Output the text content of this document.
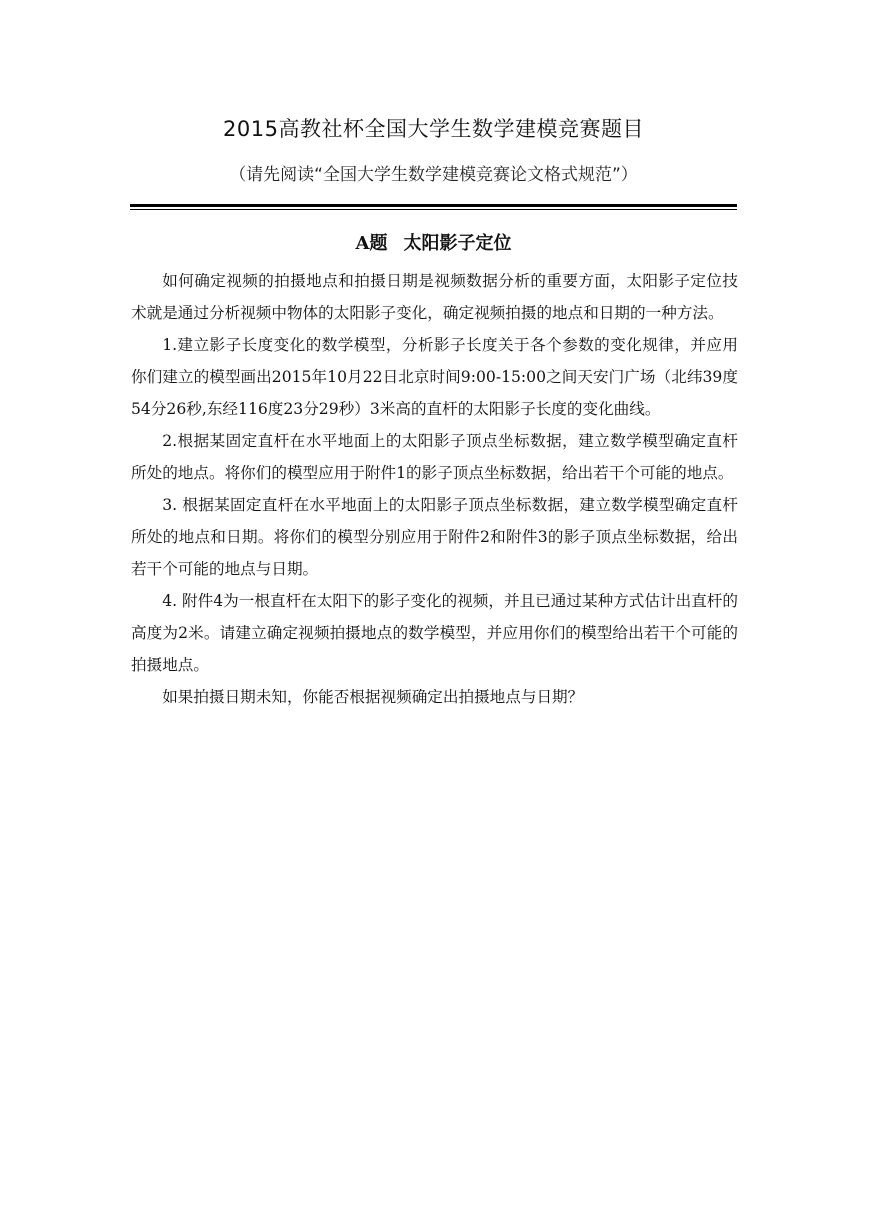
2015高教社杯全国大学生数学建模竞赛题目
（请先阅读“全国大学生数学建模竞赛论文格式规范”）
A题 太阳影子定位

如何确定视频的拍摄地点和拍摄日期是视频数据分析的重要方面，太阳影子定位技术就是通过分析视频中物体的太阳影子变化，确定视频拍摄的地点和日期的一种方法。

1.建立影子长度变化的数学模型，分析影子长度关于各个参数的变化规律，并应用你们建立的模型画出2015年10月22日北京时间9:00-15:00之间天安门广场（北纬39度54分26秒,东经116度23分29秒）3米高的直杆的太阳影子长度的变化曲线。

2.根据某固定直杆在水平地面上的太阳影子顶点坐标数据，建立数学模型确定直杆所处的地点。将你们的模型应用于附件1的影子顶点坐标数据，给出若干个可能的地点。

3. 根据某固定直杆在水平地面上的太阳影子顶点坐标数据，建立数学模型确定直杆所处的地点和日期。将你们的模型分别应用于附件2和附件3的影子顶点坐标数据，给出若干个可能的地点与日期。

4. 附件4为一根直杆在太阳下的影子变化的视频，并且已通过某种方式估计出直杆的高度为2米。请建立确定视频拍摄地点的数学模型，并应用你们的模型给出若干个可能的拍摄地点。

如果拍摄日期未知，你能否根据视频确定出拍摄地点与日期？
